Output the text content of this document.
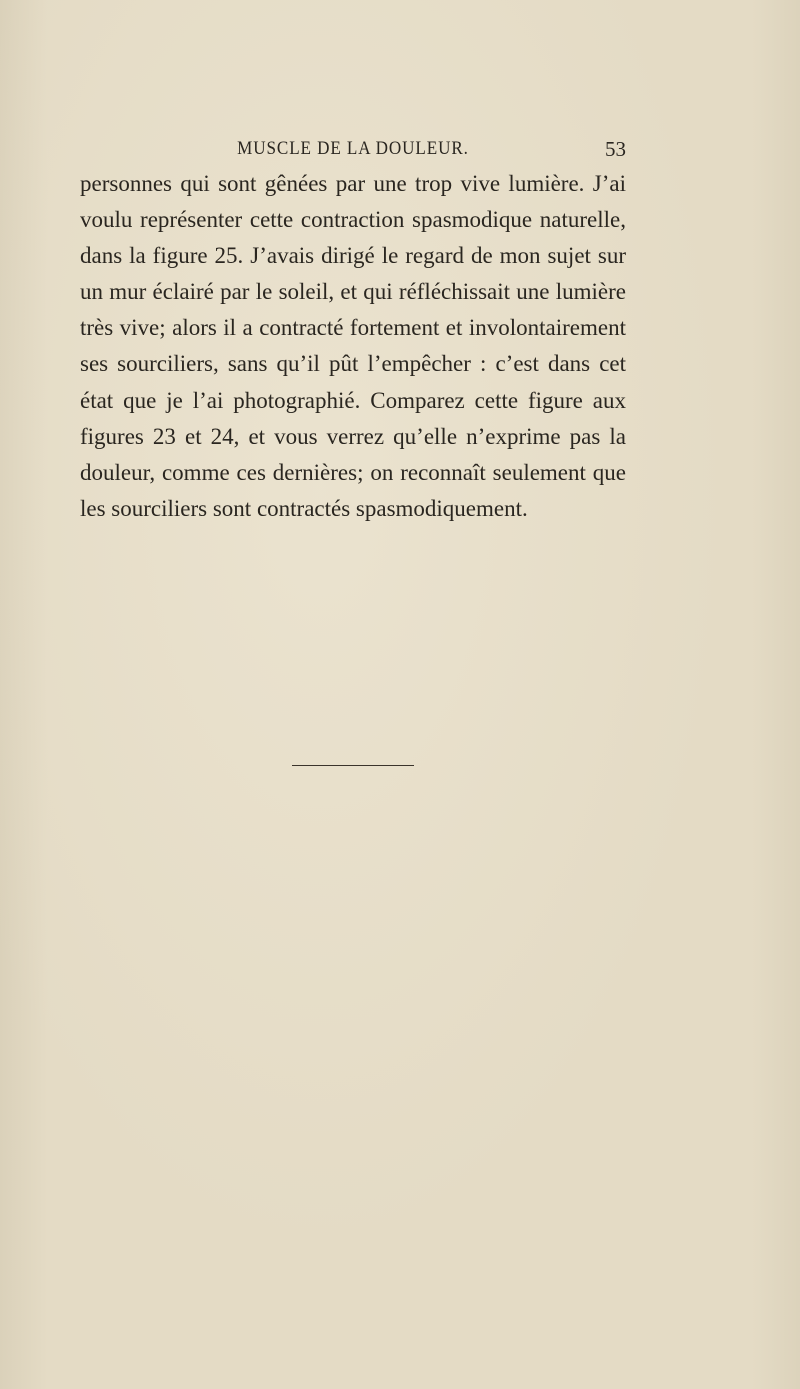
MUSCLE DE LA DOULEUR.	53
personnes qui sont gênées par une trop vive lumière. J’ai
voulu représenter cette contraction spasmodique naturelle,
dans la figure 25. J’avais dirigé le regard de mon sujet sur
un mur éclairé par le soleil, et qui réfléchissait une lumière
très vive; alors il a contracté fortement et involontairement
ses sourciliers, sans qu’il pût l’empêcher : c’est dans cet
état que je l’ai photographié. Comparez cette figure aux
figures 23 et 24, et vous verrez qu’elle n’exprime pas la
douleur, comme ces dernières; on reconnaît seulement que
les sourciliers sont contractés spasmodiquement.
